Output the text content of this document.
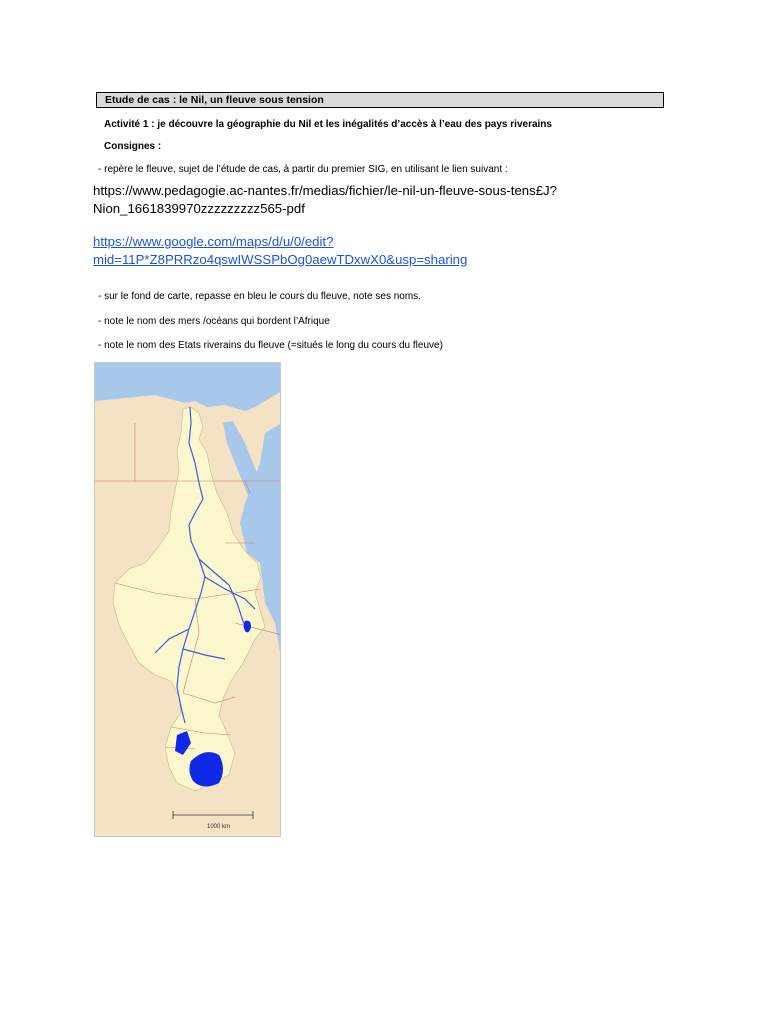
Etude de cas : le Nil, un fleuve sous tension
Activité 1 : je découvre la géographie du Nil et les inégalités d’accès à l’eau des pays riverains
Consignes :
- repère le fleuve, sujet de l’étude de cas, à partir du premier SIG, en utilisant le lien suivant :
https://www.pedagogie.ac-nantes.fr/medias/fichier/le-nil-un-fleuve-sous-tens£J?
Nion_1661839970zzzzzzzzz565-pdf
https://www.google.com/maps/d/u/0/edit?
mid=11P*Z8PRRzo4qswIWSSPbOg0aewTDxwX0&usp=sharing
- sur le fond de carte, repasse en bleu le cours du fleuve, note ses noms.
- note le nom des mers /océans qui bordent l’Afrique
- note le nom des Etats riverains du fleuve (=situés le long du cours du fleuve)
1000 km
